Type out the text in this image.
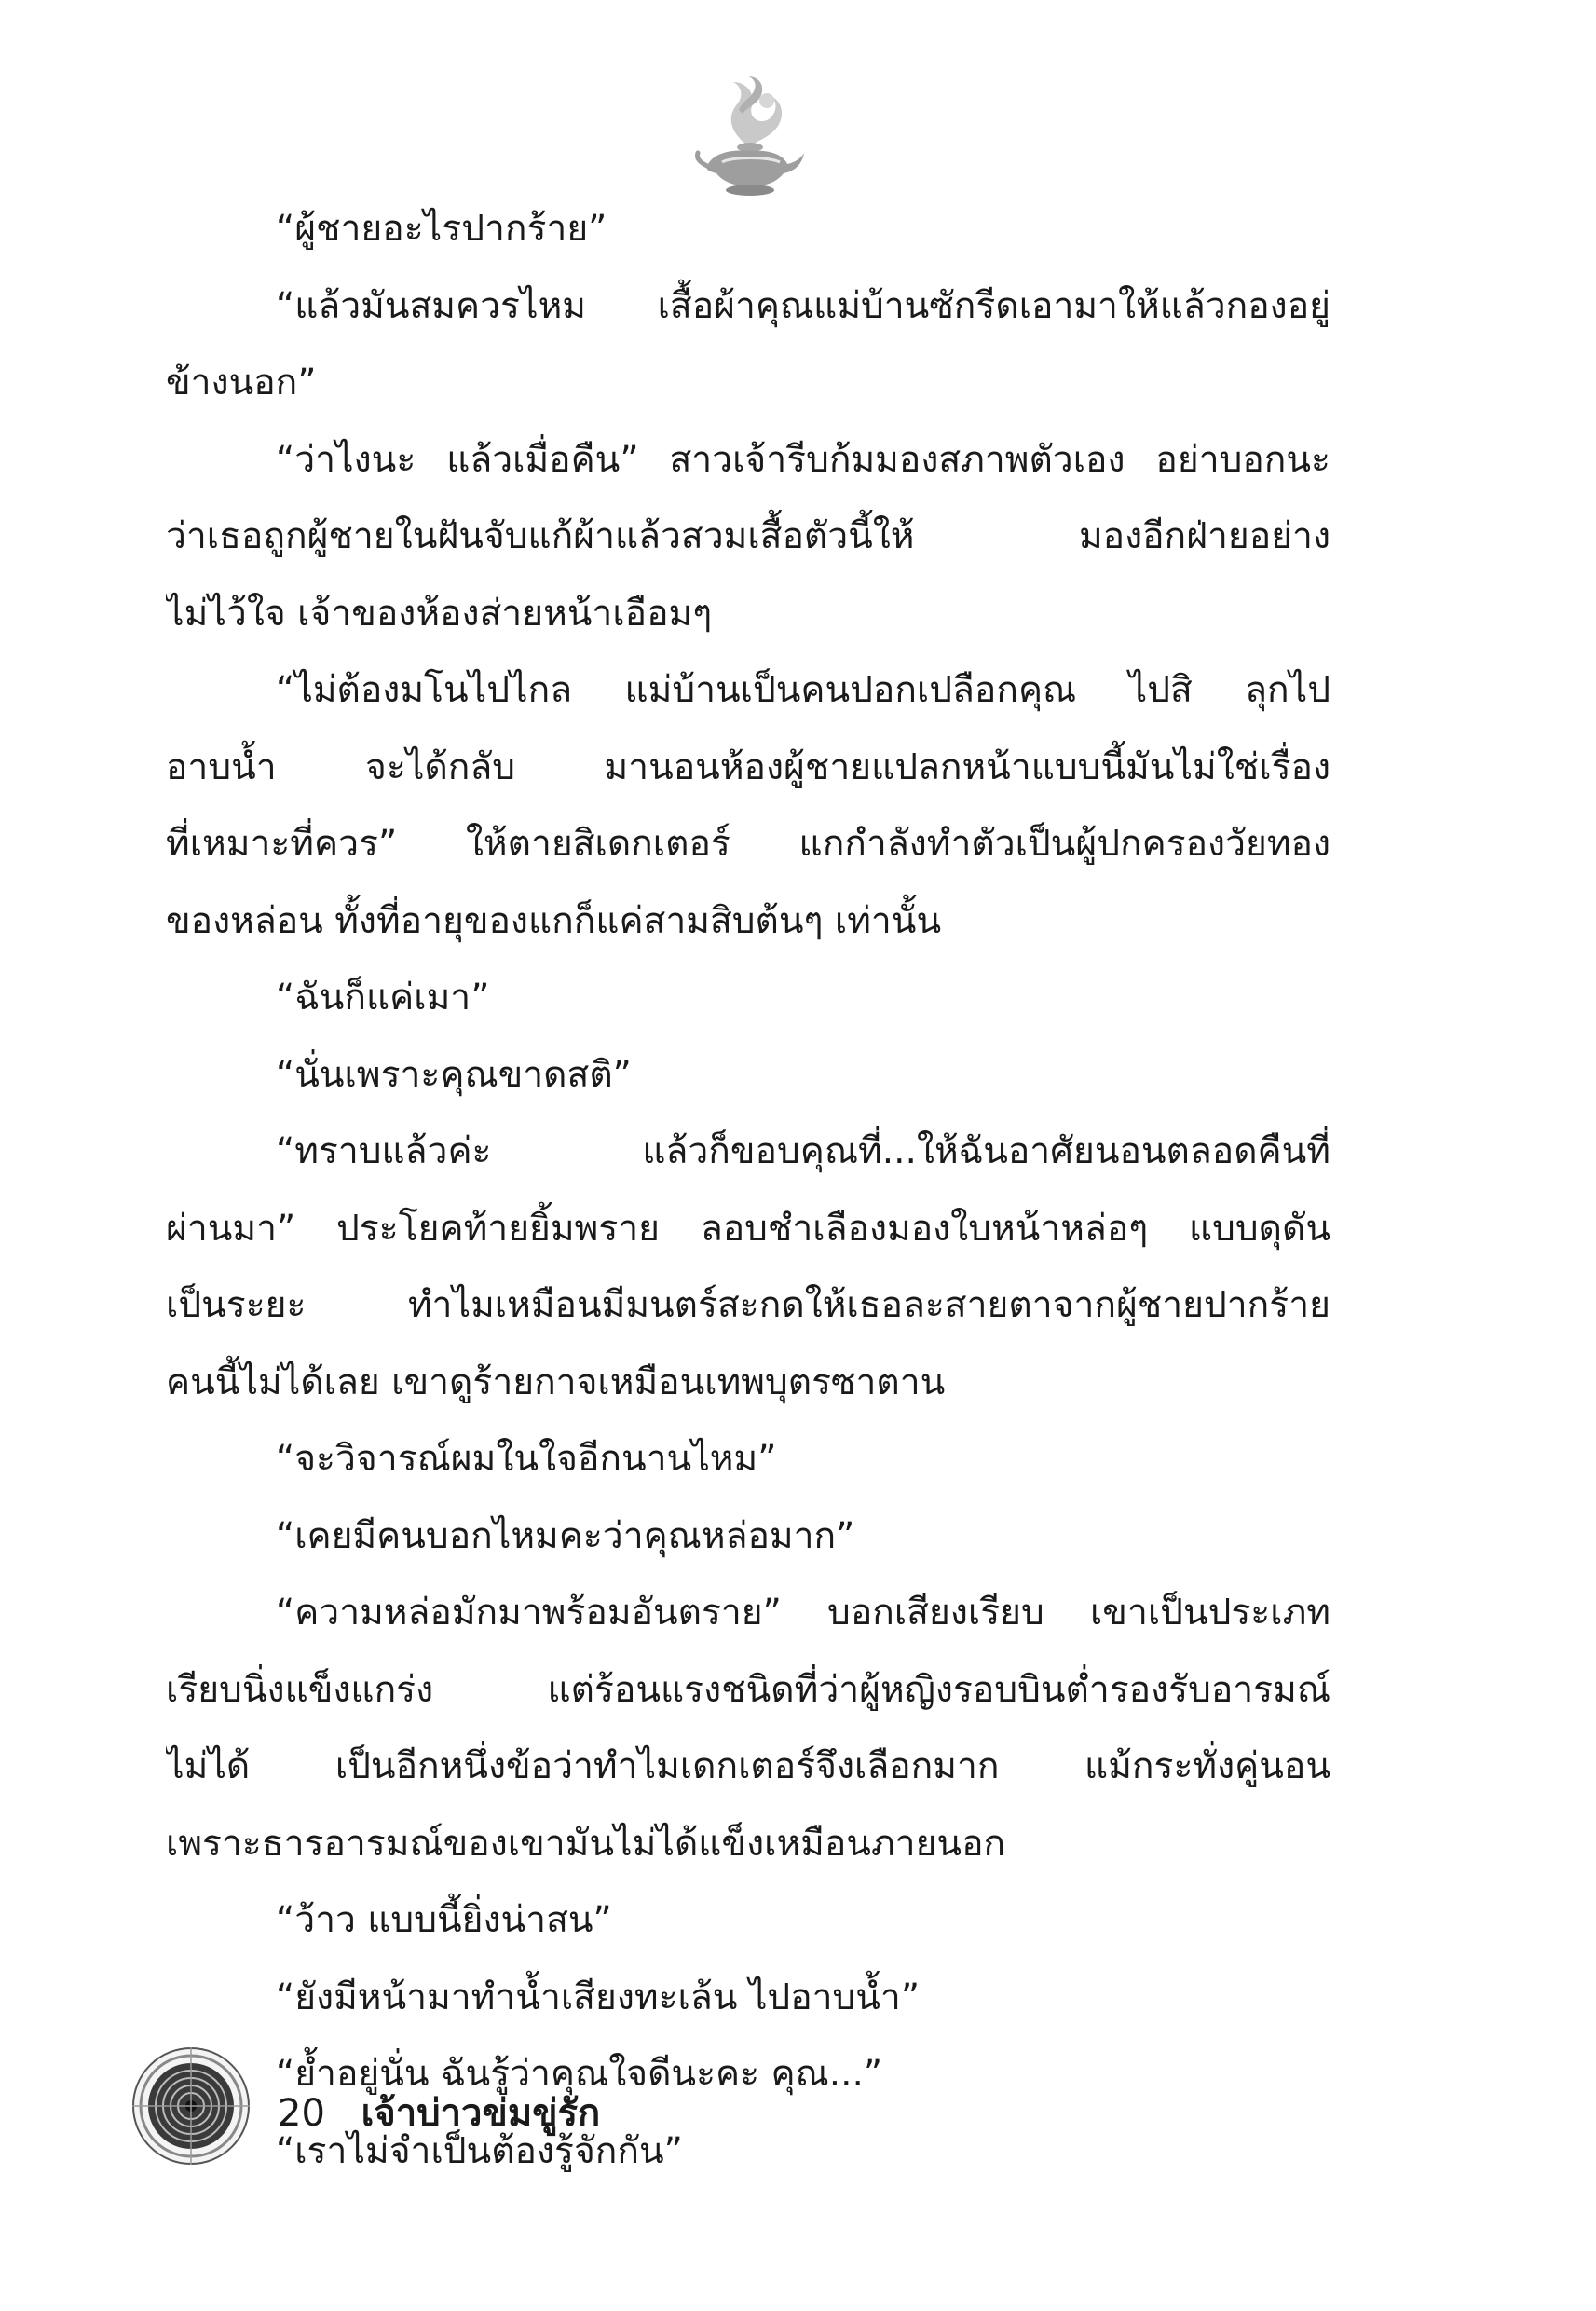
“ผู้ชายอะไรปากร้าย”
“แล้วมันสมควรไหม เสื้อผ้าคุณแม่บ้านซักรีดเอามาให้แล้วกองอยู่
ข้างนอก”
“ว่าไงนะ แล้วเมื่อคืน” สาวเจ้ารีบก้มมองสภาพตัวเอง อย่าบอกนะ
ว่าเธอถูกผู้ชายในฝันจับแก้ผ้าแล้วสวมเสื้อตัวนี้ให้ มองอีกฝ่ายอย่าง
ไม่ไว้ใจ เจ้าของห้องส่ายหน้าเอือมๆ
“ไม่ต้องมโนไปไกล แม่บ้านเป็นคนปอกเปลือกคุณ ไปสิ ลุกไป
อาบน้ำ จะได้กลับ มานอนห้องผู้ชายแปลกหน้าแบบนี้มันไม่ใช่เรื่อง
ที่เหมาะที่ควร” ให้ตายสิเดกเตอร์ แกกำลังทำตัวเป็นผู้ปกครองวัยทอง
ของหล่อน ทั้งที่อายุของแกก็แค่สามสิบต้นๆ เท่านั้น
“ฉันก็แค่เมา”
“นั่นเพราะคุณขาดสติ”
“ทราบแล้วค่ะ แล้วก็ขอบคุณที่...ให้ฉันอาศัยนอนตลอดคืนที่
ผ่านมา” ประโยคท้ายยิ้มพราย ลอบชำเลืองมองใบหน้าหล่อๆ แบบดุดัน
เป็นระยะ ทำไมเหมือนมีมนตร์สะกดให้เธอละสายตาจากผู้ชายปากร้าย
คนนี้ไม่ได้เลย เขาดูร้ายกาจเหมือนเทพบุตรซาตาน
“จะวิจารณ์ผมในใจอีกนานไหม”
“เคยมีคนบอกไหมคะว่าคุณหล่อมาก”
“ความหล่อมักมาพร้อมอันตราย” บอกเสียงเรียบ เขาเป็นประเภท
เรียบนิ่งแข็งแกร่ง แต่ร้อนแรงชนิดที่ว่าผู้หญิงรอบบินต่ำรองรับอารมณ์
ไม่ได้ เป็นอีกหนึ่งข้อว่าทำไมเดกเตอร์จึงเลือกมาก แม้กระทั่งคู่นอน
เพราะธารอารมณ์ของเขามันไม่ได้แข็งเหมือนภายนอก
“ว้าว แบบนี้ยิ่งน่าสน”
“ยังมีหน้ามาทำน้ำเสียงทะเล้น ไปอาบน้ำ”
“ย้ำอยู่นั่น ฉันรู้ว่าคุณใจดีนะคะ คุณ...”
“เราไม่จำเป็นต้องรู้จักกัน”
20 เจ้าบ่าวข่มขู่รัก
